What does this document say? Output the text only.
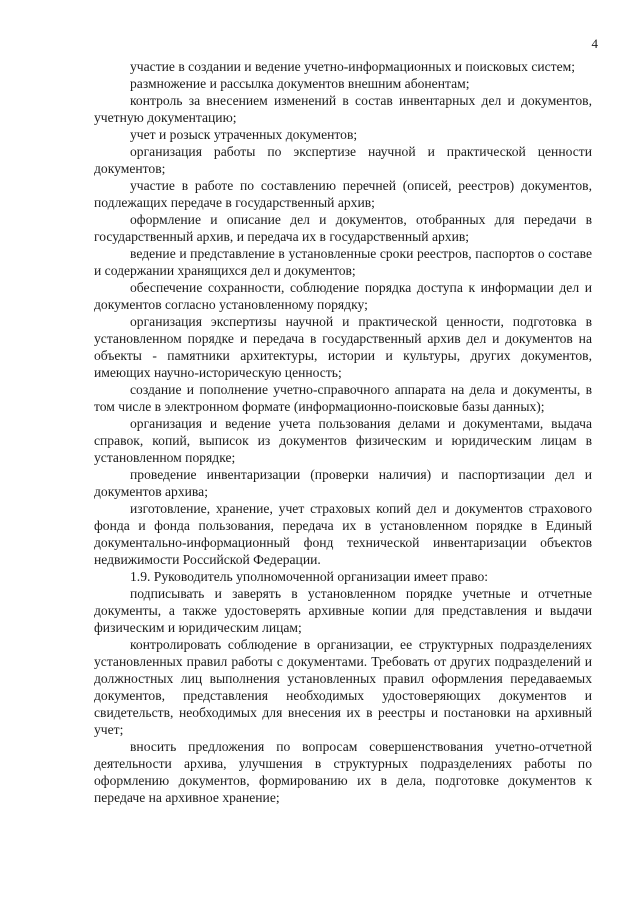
4

участие в создании и ведение учетно-информационных и поисковых систем;

размножение и рассылка документов внешним абонентам;

контроль за внесением изменений в состав инвентарных дел и документов, учетную документацию;

учет и розыск утраченных документов;

организация работы по экспертизе научной и практической ценности документов;

участие в работе по составлению перечней (описей, реестров) документов, подлежащих передаче в государственный архив;

оформление и описание дел и документов, отобранных для передачи в государственный архив, и передача их в государственный архив;

ведение и представление в установленные сроки реестров, паспортов о составе и содержании хранящихся дел и документов;

обеспечение сохранности, соблюдение порядка доступа к информации дел и документов согласно установленному порядку;

организация экспертизы научной и практической ценности, подготовка в установленном порядке и передача в государственный архив дел и документов на объекты - памятники архитектуры, истории и культуры, других документов, имеющих научно-историческую ценность;

создание и пополнение учетно-справочного аппарата на дела и документы, в том числе в электронном формате (информационно-поисковые базы данных);

организация и ведение учета пользования делами и документами, выдача справок, копий, выписок из документов физическим и юридическим лицам в установленном порядке;

проведение инвентаризации (проверки наличия) и паспортизации дел и документов архива;

изготовление, хранение, учет страховых копий дел и документов страхового фонда и фонда пользования, передача их в установленном порядке в Единый документально-информационный фонд технической инвентаризации объектов недвижимости Российской Федерации.

1.9. Руководитель уполномоченной организации имеет право:

подписывать и заверять в установленном порядке учетные и отчетные документы, а также удостоверять архивные копии для представления и выдачи физическим и юридическим лицам;

контролировать соблюдение в организации, ее структурных подразделениях установленных правил работы с документами. Требовать от других подразделений и должностных лиц выполнения установленных правил оформления передаваемых документов, представления необходимых удостоверяющих документов и свидетельств, необходимых для внесения их в реестры и постановки на архивный учет;

вносить предложения по вопросам совершенствования учетно-отчетной деятельности архива, улучшения в структурных подразделениях работы по оформлению документов, формированию их в дела, подготовке документов к передаче на архивное хранение;
